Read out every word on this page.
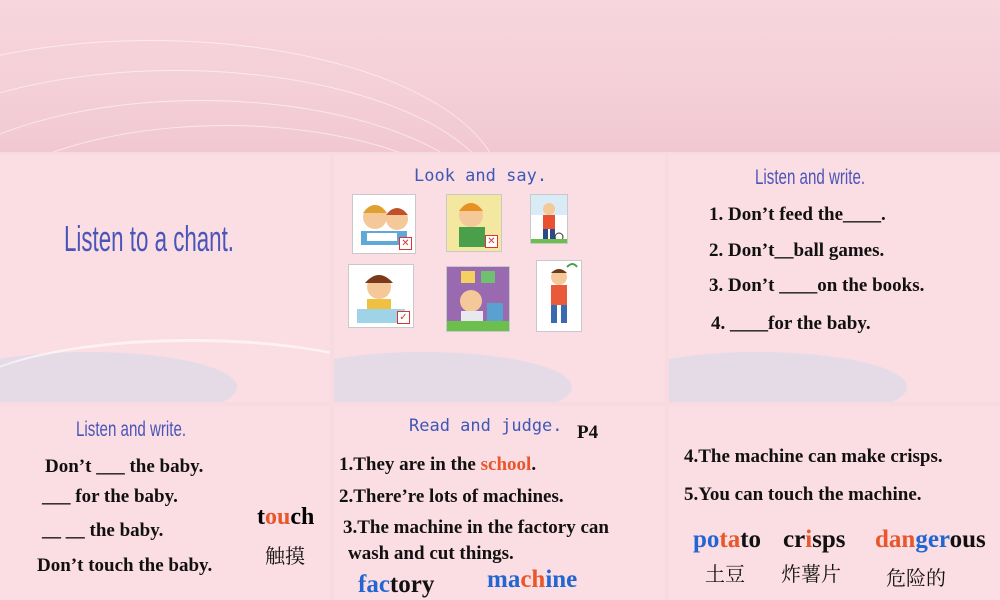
Listen to a chant.
Look and say.
✕	✕
✓
Listen and write.
1. Don’t feed the____.
2. Don’t__ball games.
3. Don’t ____on the books.
4. ____for the baby.
Listen and write.
Don’t ___ the baby.
___ for the baby.
__ __ the baby.
Don’t touch the baby.
touch
触摸
Read and judge. P4
1.They are in the school.
2.There’re lots of machines.
3.The machine in the factory can
wash and cut things.
factory machine
4.The machine can make crisps.
5.You can touch the machine.
potato
土豆
crisps
炸薯片
dangerous
危险的
